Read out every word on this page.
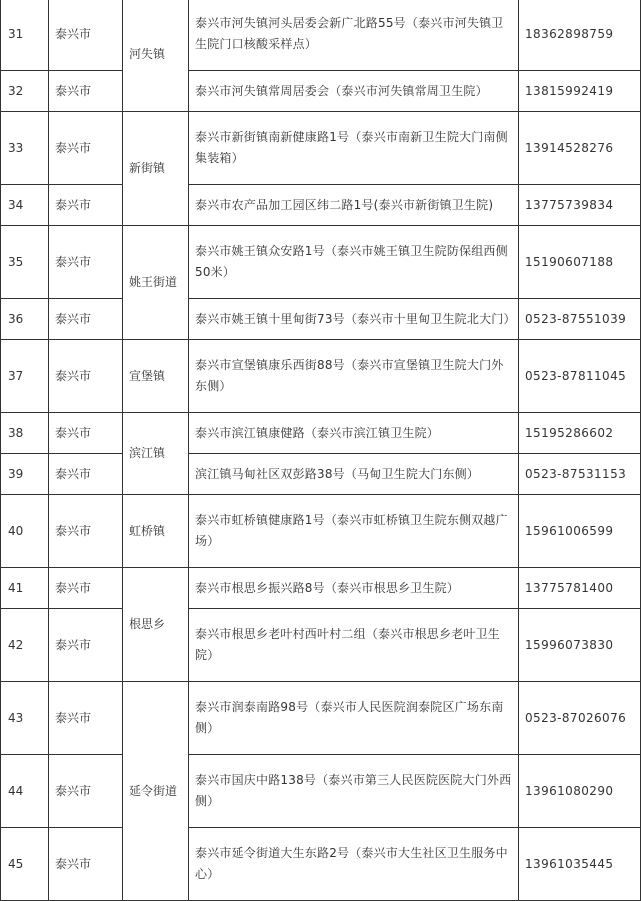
31	泰兴市	河失镇	泰兴市河失镇河头居委会新广北路55号（泰兴市河失镇卫生院门口核酸采样点）	18362898759
32	泰兴市		泰兴市河失镇常周居委会（泰兴市河失镇常周卫生院）	13815992419
33	泰兴市	新街镇	泰兴市新街镇南新健康路1号（泰兴市南新卫生院大门南侧集装箱）	13914528276
34	泰兴市		泰兴市农产品加工园区纬二路1号(泰兴市新街镇卫生院)	13775739834
35	泰兴市	姚王街道	泰兴市姚王镇众安路1号（泰兴市姚王镇卫生院防保组西侧50米）	15190607188
36	泰兴市		泰兴市姚王镇十里甸街73号（泰兴市十里甸卫生院北大门）	0523-87551039
37	泰兴市	宣堡镇	泰兴市宣堡镇康乐西街88号（泰兴市宣堡镇卫生院大门外东侧）	0523-87811045
38	泰兴市	滨江镇	泰兴市滨江镇康健路（泰兴市滨江镇卫生院）	15195286602
39	泰兴市		滨江镇马甸社区双彭路38号（马甸卫生院大门东侧）	0523-87531153
40	泰兴市	虹桥镇	泰兴市虹桥镇健康路1号（泰兴市虹桥镇卫生院东侧双越广场）	15961006599
41	泰兴市	根思乡	泰兴市根思乡振兴路8号（泰兴市根思乡卫生院）	13775781400
42	泰兴市		泰兴市根思乡老叶村西叶村二组（泰兴市根思乡老叶卫生院）	15996073830
43	泰兴市	延令街道	泰兴市润泰南路98号（泰兴市人民医院润泰院区广场东南侧）	0523-87026076
44	泰兴市		泰兴市国庆中路138号（泰兴市第三人民医院医院大门外西侧）	13961080290
45	泰兴市		泰兴市延令街道大生东路2号（泰兴市大生社区卫生服务中心）	13961035445
